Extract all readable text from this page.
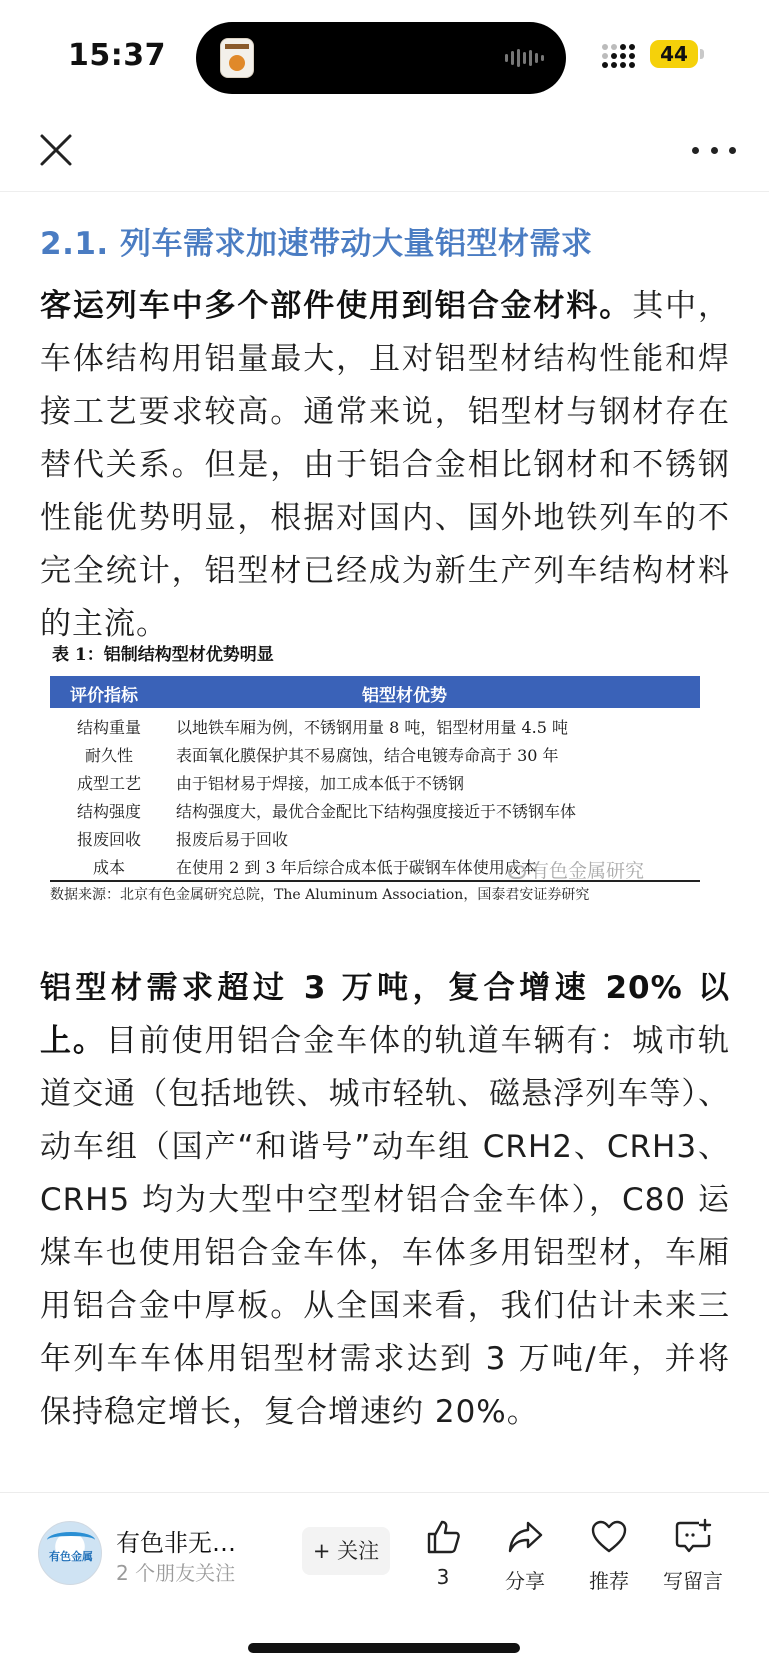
15:37	44
2.1. 列车需求加速带动大量铝型材需求

客运列车中多个部件使用到铝合金材料。其中，车体结构用铝量最大，且对铝型材结构性能和焊接工艺要求较高。通常来说，铝型材与钢材存在替代关系。但是，由于铝合金相比钢材和不锈钢性能优势明显，根据对国内、国外地铁列车的不完全统计，铝型材已经成为新生产列车结构材料的主流。

表 1：铝制结构型材优势明显
评价指标	铝型材优势
结构重量	以地铁车厢为例，不锈钢用量 8 吨，铝型材用量 4.5 吨
耐久性	表面氧化膜保护其不易腐蚀，结合电镀寿命高于 30 年
成型工艺	由于铝材易于焊接，加工成本低于不锈钢
结构强度	结构强度大，最优合金配比下结构强度接近于不锈钢车体
报废回收	报废后易于回收
成本	在使用 2 到 3 年后综合成本低于碳钢车体使用成本
数据来源：北京有色金属研究总院，The Aluminum Association，国泰君安证券研究
有色金属研究

铝型材需求超过 3 万吨，复合增速 20% 以上。目前使用铝合金车体的轨道车辆有：城市轨道交通（包括地铁、城市轻轨、磁悬浮列车等）、动车组（国产“和谐号”动车组 CRH2、CRH3、CRH5 均为大型中空型材铝合金车体），C80 运煤车也使用铝合金车体，车体多用铝型材，车厢用铝合金中厚板。从全国来看，我们估计未来三年列车车体用铝型材需求达到 3 万吨/年，并将保持稳定增长，复合增速约 20%。

有色金属 有色非无…
2 个朋友关注
+ 关注
3	分享	推荐	写留言
